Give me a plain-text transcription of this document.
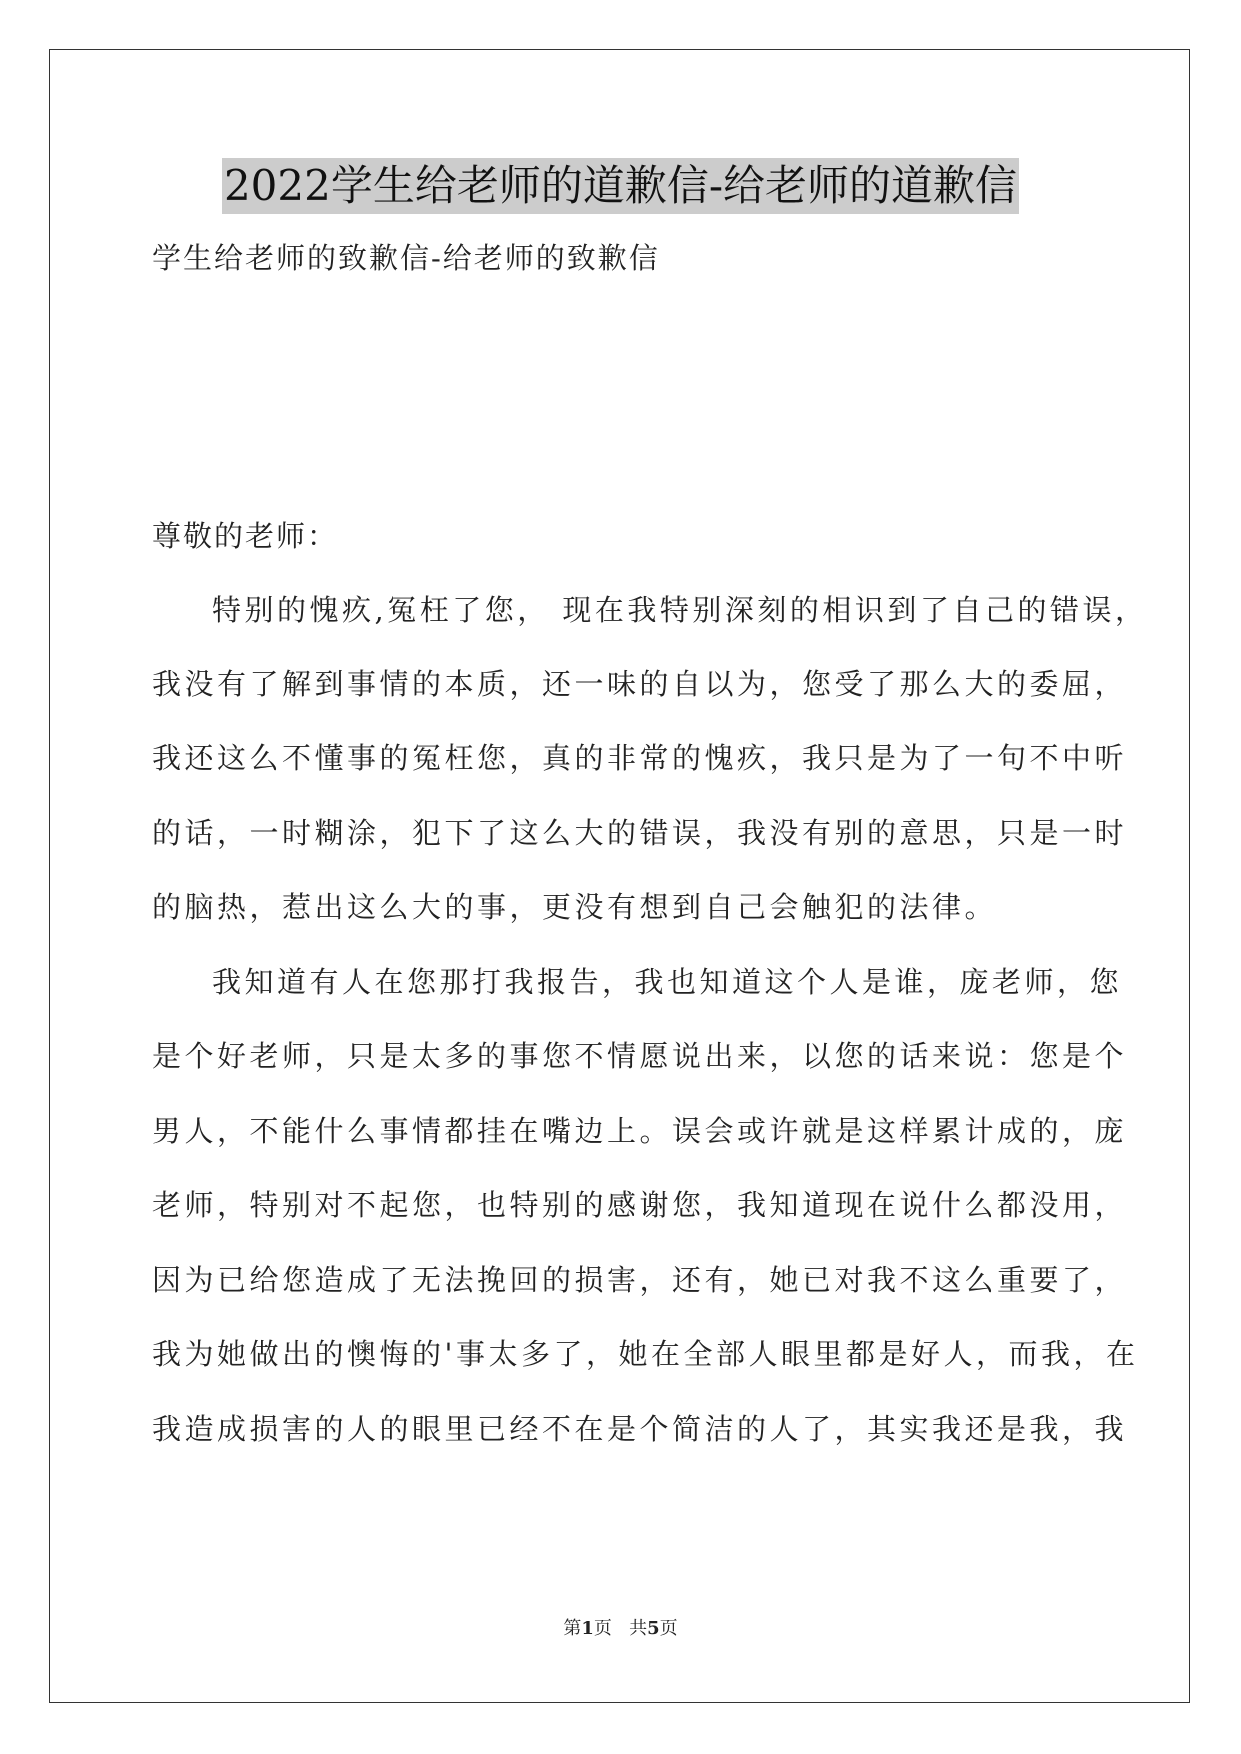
2022学生给老师的道歉信-给老师的道歉信
学生给老师的致歉信-给老师的致歉信
尊敬的老师：
特别的愧疚,冤枉了您， 现在我特别深刻的相识到了自己的错误，
我没有了解到事情的本质，还一味的自以为，您受了那么大的委屈，
我还这么不懂事的冤枉您，真的非常的愧疚，我只是为了一句不中听
的话，一时糊涂，犯下了这么大的错误，我没有别的意思，只是一时
的脑热，惹出这么大的事，更没有想到自己会触犯的法律。
我知道有人在您那打我报告，我也知道这个人是谁，庞老师，您
是个好老师，只是太多的事您不情愿说出来，以您的话来说：您是个
男人，不能什么事情都挂在嘴边上。误会或许就是这样累计成的，庞
老师，特别对不起您，也特别的感谢您，我知道现在说什么都没用，
因为已给您造成了无法挽回的损害，还有，她已对我不这么重要了，
我为她做出的懊悔的'事太多了，她在全部人眼里都是好人，而我，在
我造成损害的人的眼里已经不在是个简洁的人了，其实我还是我，我
第1页 共5页
